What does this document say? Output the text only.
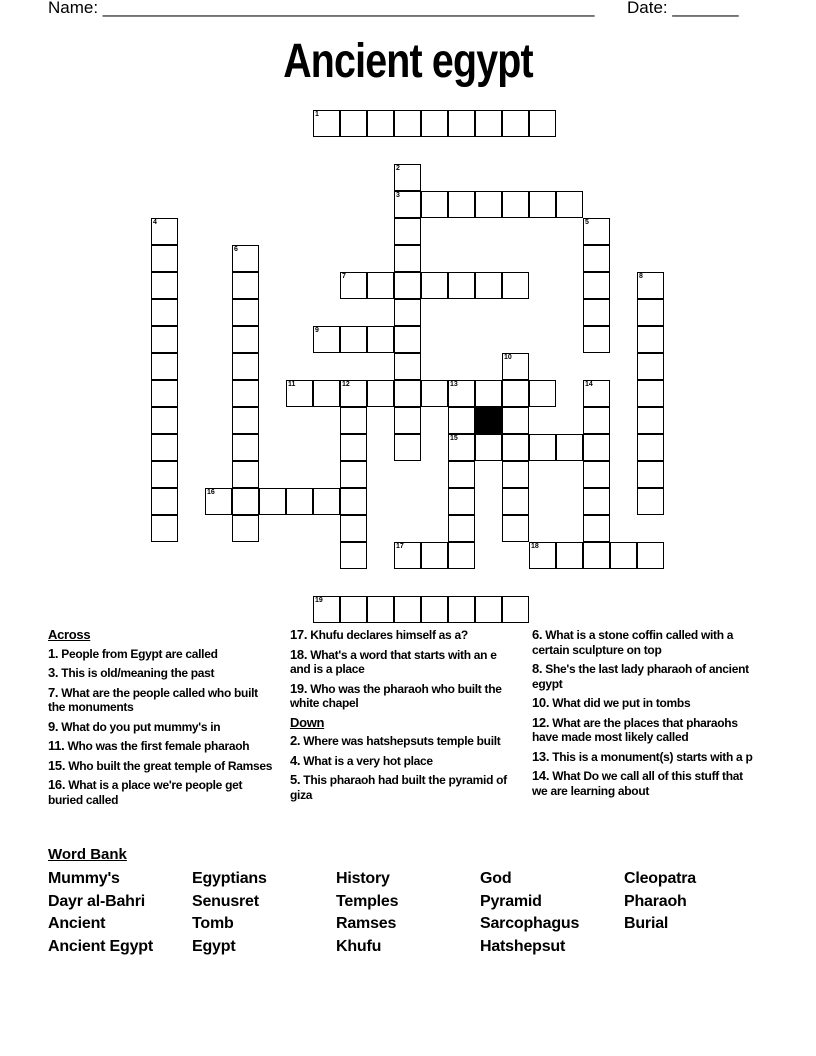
Name: ____________________________________________________ Date: _______
Ancient egypt
1
2
3
4	5
6
7	8
9
10
11	12	13
15
14
16
17	18
19
Across
1. People from Egypt are called
3. This is old/meaning the past
7. What are the people called who built the monuments
9. What do you put mummy's in
11. Who was the first female pharaoh
15. Who built the great temple of Ramses
16. What is a place we're people get buried called
17. Khufu declares himself as a?
18. What's a word that starts with an e and is a place
19. Who was the pharaoh who built the white chapel
Down
2. Where was hatshepsuts temple built
4. What is a very hot place
5. This pharaoh had built the pyramid of giza
6. What is a stone coffin called with a certain sculpture on top
8. She's the last lady pharaoh of ancient egypt
10. What did we put in tombs
12. What are the places that pharaohs have made most likely called
13. This is a monument(s) starts with a p
14. What Do we call all of this stuff that we are learning about
Word Bank
Mummy's
Dayr al-Bahri
Ancient
Ancient Egypt
Egyptians
Senusret
Tomb
Egypt
History
Temples
Ramses
Khufu
God
Pyramid
Sarcophagus
Hatshepsut
Cleopatra
Pharaoh
Burial
